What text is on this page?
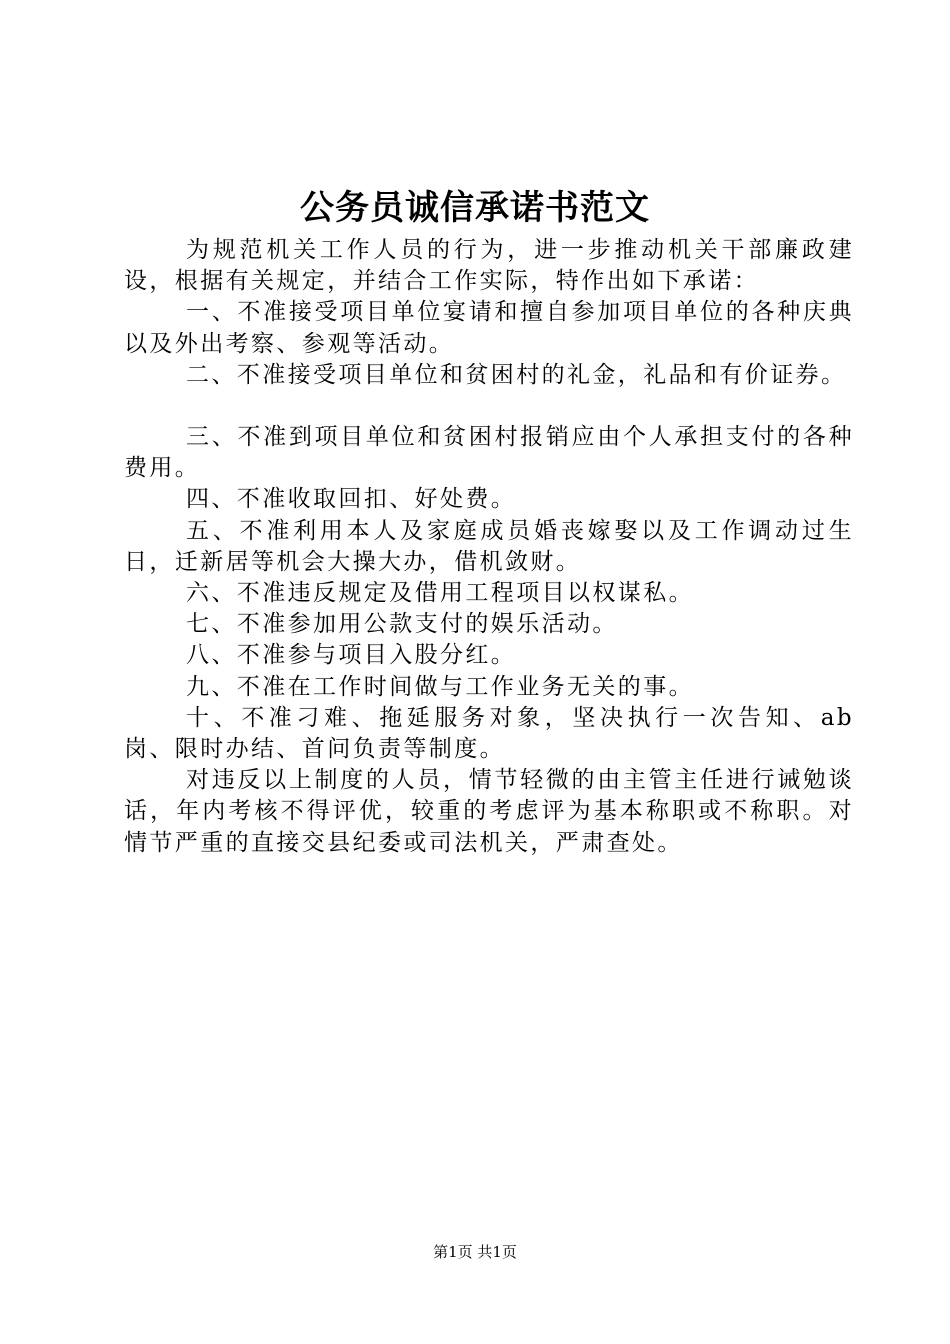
公务员诚信承诺书范文

为规范机关工作人员的行为，进一步推动机关干部廉政建设，根据有关规定，并结合工作实际，特作出如下承诺：

一、不准接受项目单位宴请和擅自参加项目单位的各种庆典以及外出考察、参观等活动。

二、不准接受项目单位和贫困村的礼金，礼品和有价证券。

三、不准到项目单位和贫困村报销应由个人承担支付的各种费用。

四、不准收取回扣、好处费。

五、不准利用本人及家庭成员婚丧嫁娶以及工作调动过生日，迁新居等机会大操大办，借机敛财。

六、不准违反规定及借用工程项目以权谋私。

七、不准参加用公款支付的娱乐活动。

八、不准参与项目入股分红。

九、不准在工作时间做与工作业务无关的事。

十、不准刁难、拖延服务对象，坚决执行一次告知、ab岗、限时办结、首问负责等制度。

对违反以上制度的人员，情节轻微的由主管主任进行诫勉谈话，年内考核不得评优，较重的考虑评为基本称职或不称职。对情节严重的直接交县纪委或司法机关，严肃查处。

第1页 共1页
